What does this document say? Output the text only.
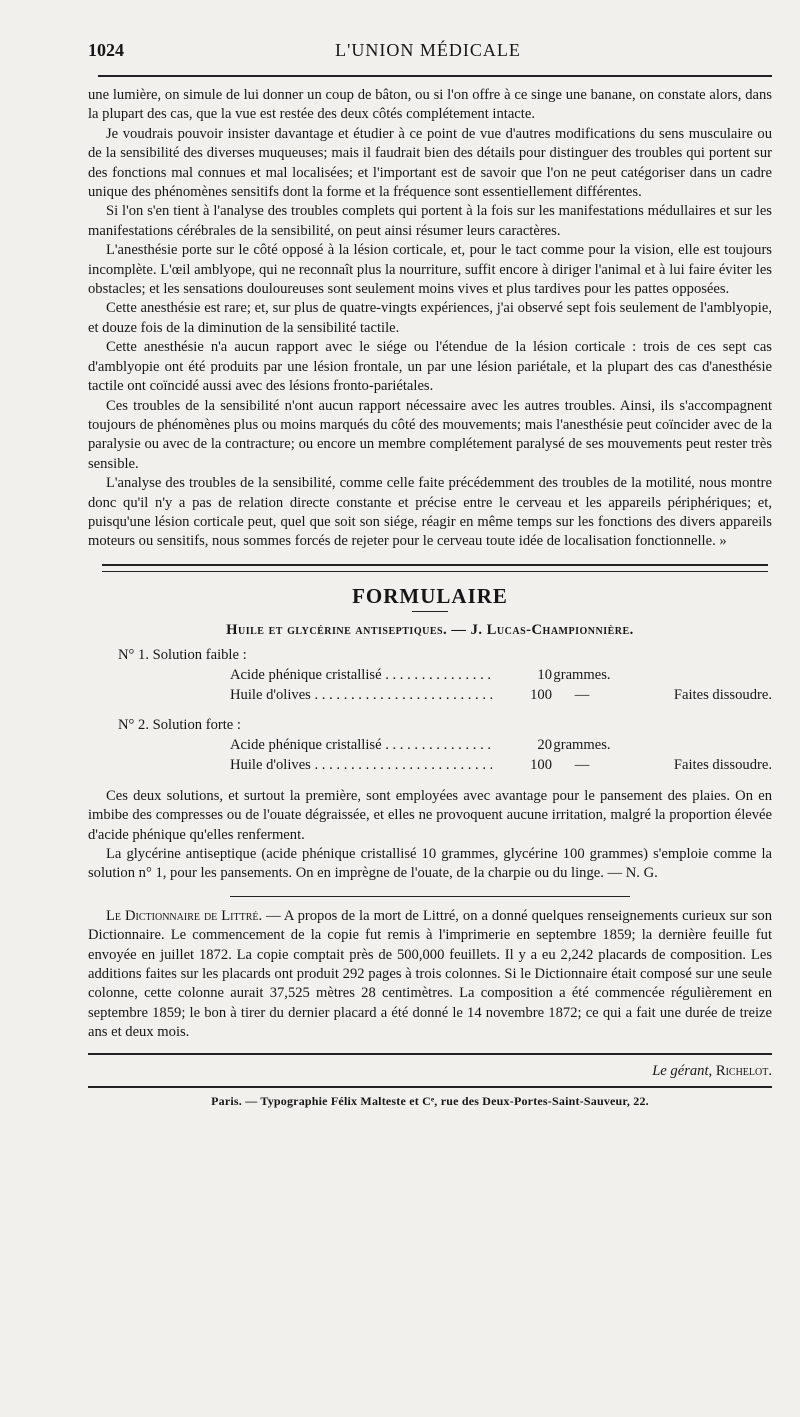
1024	L'UNION MÉDICALE

une lumière, on simule de lui donner un coup de bâton, ou si l'on offre à ce singe une banane, on constate alors, dans la plupart des cas, que la vue est restée des deux côtés complétement intacte.

Je voudrais pouvoir insister davantage et étudier à ce point de vue d'autres modifications du sens musculaire ou de la sensibilité des diverses muqueuses; mais il faudrait bien des détails pour distinguer des troubles qui portent sur des fonctions mal connues et mal localisées; et l'important est de savoir que l'on ne peut catégoriser dans un cadre unique des phénomènes sensitifs dont la forme et la fréquence sont essentiellement différentes.

Si l'on s'en tient à l'analyse des troubles complets qui portent à la fois sur les manifestations médullaires et sur les manifestations cérébrales de la sensibilité, on peut ainsi résumer leurs caractères.

L'anesthésie porte sur le côté opposé à la lésion corticale, et, pour le tact comme pour la vision, elle est toujours incomplète. L'œil amblyope, qui ne reconnaît plus la nourriture, suffit encore à diriger l'animal et à lui faire éviter les obstacles; et les sensations douloureuses sont seulement moins vives et plus tardives pour les pattes opposées.

Cette anesthésie est rare; et, sur plus de quatre-vingts expériences, j'ai observé sept fois seulement de l'amblyopie, et douze fois de la diminution de la sensibilité tactile.

Cette anesthésie n'a aucun rapport avec le siége ou l'étendue de la lésion corticale : trois de ces sept cas d'amblyopie ont été produits par une lésion frontale, un par une lésion pariétale, et la plupart des cas d'anesthésie tactile ont coïncidé aussi avec des lésions fronto-pariétales.

Ces troubles de la sensibilité n'ont aucun rapport nécessaire avec les autres troubles. Ainsi, ils s'accompagnent toujours de phénomènes plus ou moins marqués du côté des mouvements; mais l'anesthésie peut coïncider avec de la paralysie ou avec de la contracture; ou encore un membre complétement paralysé de ses mouvements peut rester très sensible.

L'analyse des troubles de la sensibilité, comme celle faite précédemment des troubles de la motilité, nous montre donc qu'il n'y a pas de relation directe constante et précise entre le cerveau et les appareils périphériques; et, puisqu'une lésion corticale peut, quel que soit son siége, réagir en même temps sur les fonctions des divers appareils moteurs ou sensitifs, nous sommes forcés de rejeter pour le cerveau toute idée de localisation fonctionnelle. »

FORMULAIRE
Huile et glycérine antiseptiques. — J. Lucas-Championnière.
N° 1. Solution faible :
Acide phénique cristallisé . . .	10 grammes.
Huile d'olives . . .	100	—	Faites dissoudre.
N° 2. Solution forte :
Acide phénique cristallisé . . .	20 grammes.
Huile d'olives . . .	100	—	Faites dissoudre.

Ces deux solutions, et surtout la première, sont employées avec avantage pour le pansement des plaies. On en imbibe des compresses ou de l'ouate dégraissée, et elles ne provoquent aucune irritation, malgré la proportion élevée d'acide phénique qu'elles renferment.

La glycérine antiseptique (acide phénique cristallisé 10 grammes, glycérine 100 grammes) s'emploie comme la solution n° 1, pour les pansements. On en imprègne de l'ouate, de la charpie ou du linge. — N. G.

Le Dictionnaire de Littré. — A propos de la mort de Littré, on a donné quelques renseignements curieux sur son Dictionnaire. Le commencement de la copie fut remis à l'imprimerie en septembre 1859; la dernière feuille fut envoyée en juillet 1872. La copie comptait près de 500,000 feuillets. Il y a eu 2,242 placards de composition. Les additions faites sur les placards ont produit 292 pages à trois colonnes. Si le Dictionnaire était composé sur une seule colonne, cette colonne aurait 37,525 mètres 28 centimètres. La composition a été commencée régulièrement en septembre 1859; le bon à tirer du dernier placard a été donné le 14 novembre 1872; ce qui a fait une durée de treize ans et deux mois.

Le gérant, Richelot.
Paris. — Typographie Félix Malteste et Cᵉ, rue des Deux-Portes-Saint-Sauveur, 22.
